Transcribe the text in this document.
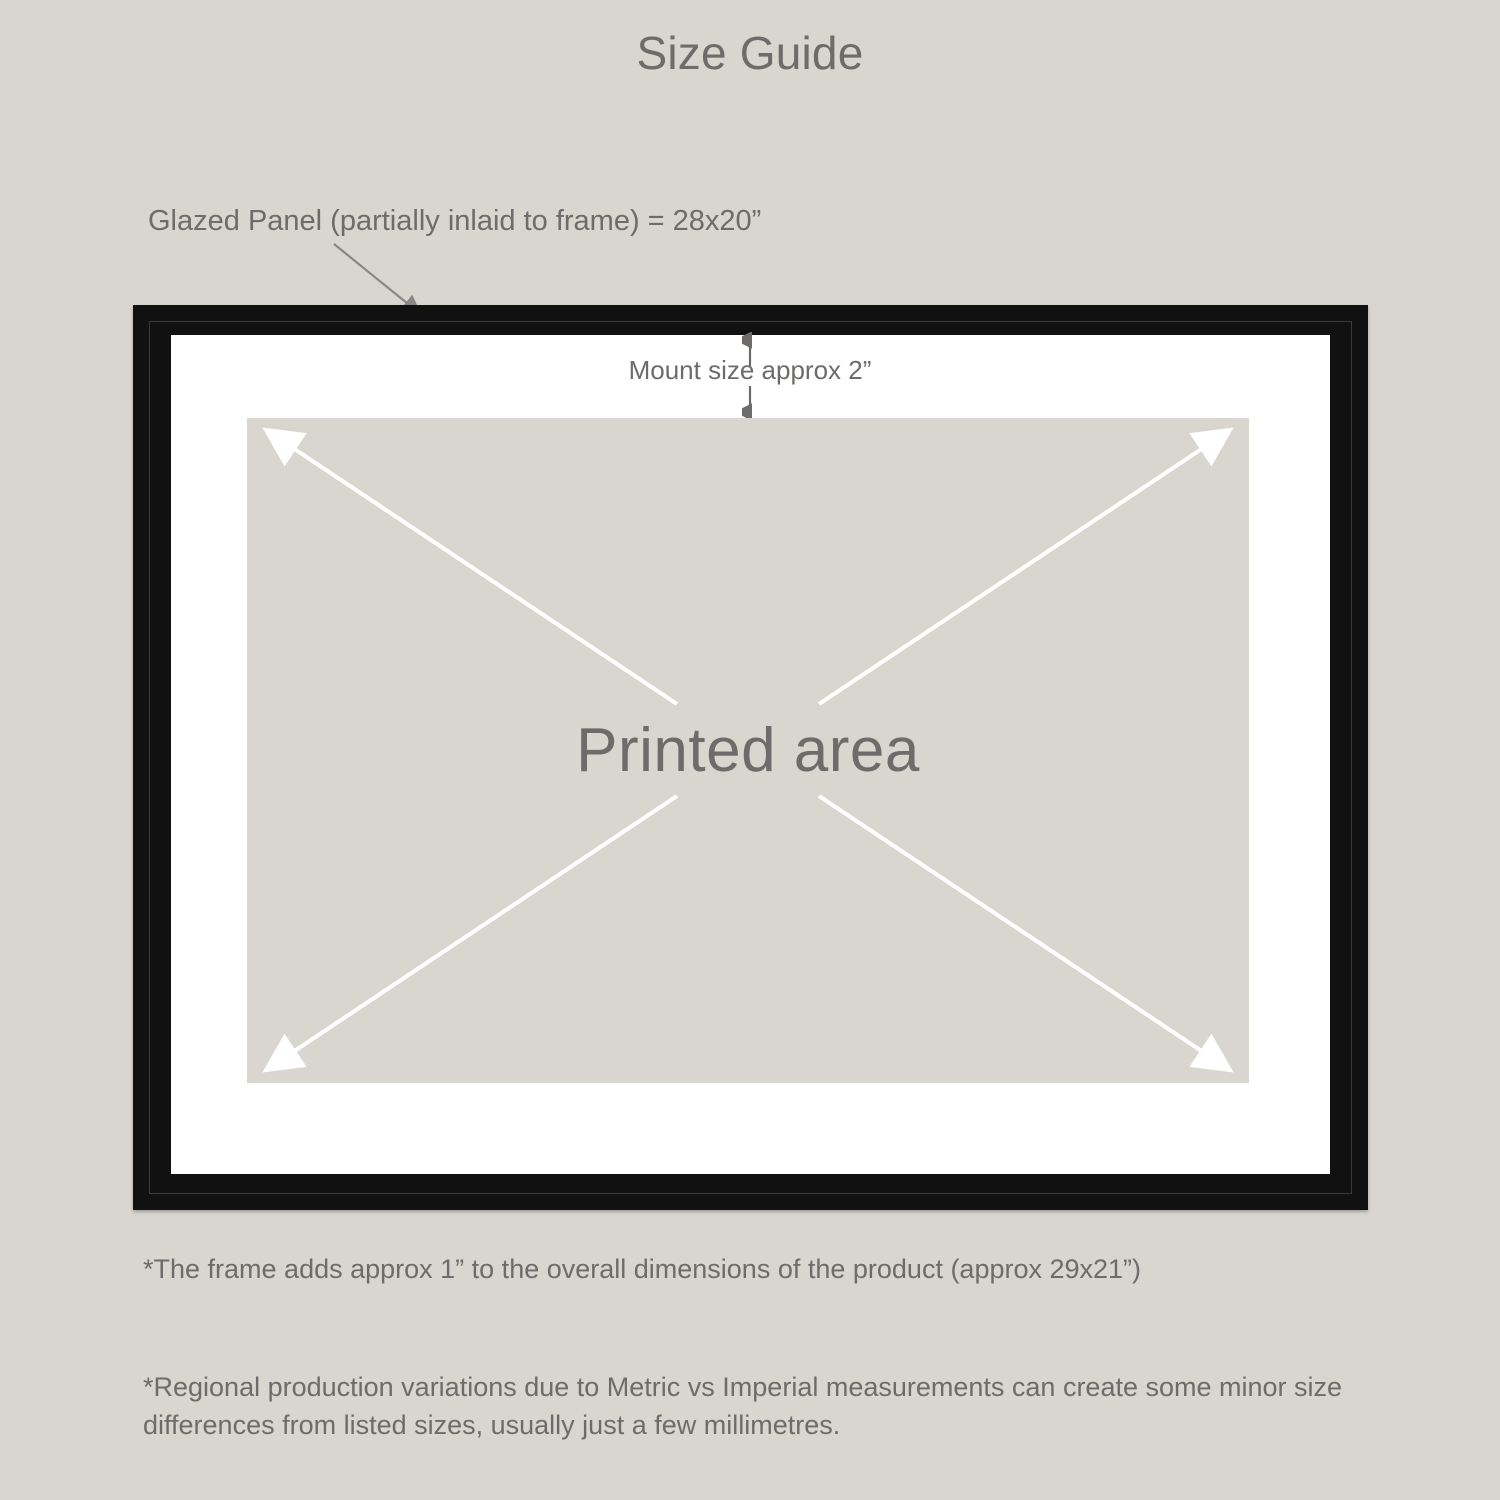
Size Guide
Glazed Panel (partially inlaid to frame) = 28x20”
Mount size approx 2”
Printed area
*The frame adds approx 1” to the overall dimensions of the product (approx 29x21”)
*Regional production variations due to Metric vs Imperial measurements can create some minor size differences from listed sizes, usually just a few millimetres.
